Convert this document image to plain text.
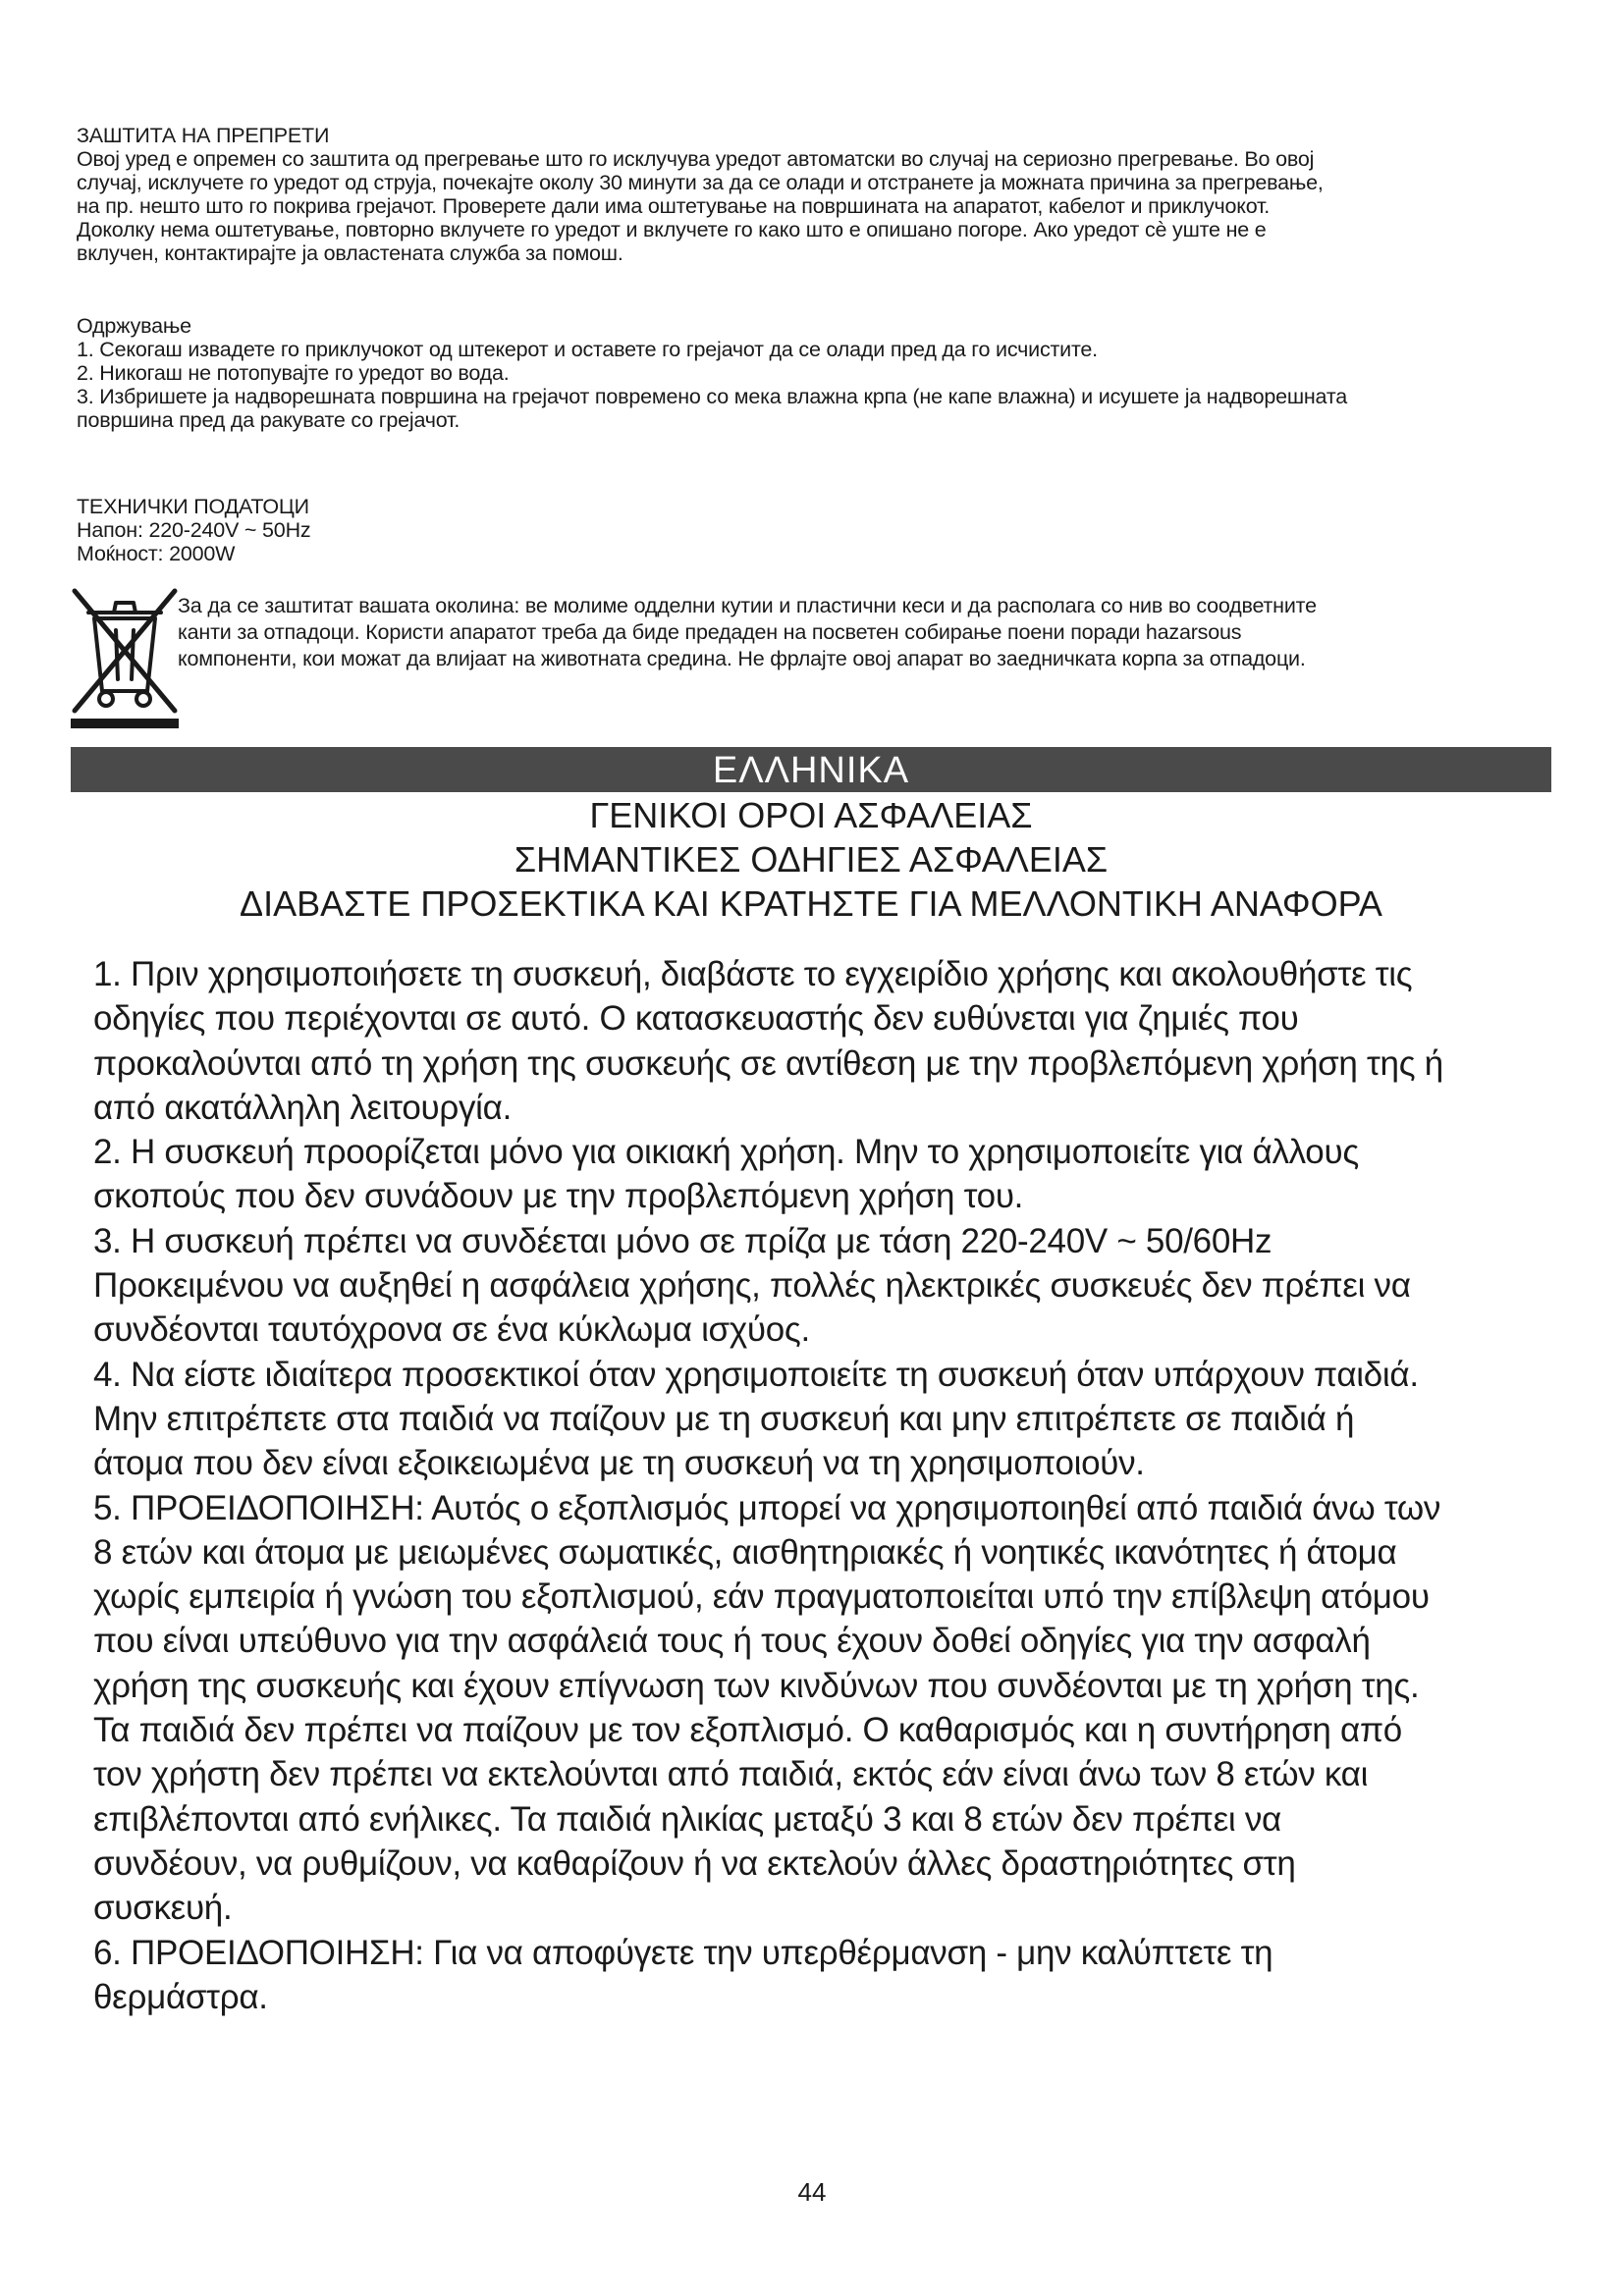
ЗАШТИТА НА ПРЕПРЕТИ

Овој уред е опремен со заштита од прегревање што го исклучува уредот автоматски во случај на сериозно прегревање. Во овој

случај, исклучете го уредот од струја, почекајте околу 30 минути за да се олади и отстранете ја можната причина за прегревање,

на пр. нешто што го покрива грејачот. Проверете дали има оштетување на површината на апаратот, кабелот и приклучокот.

Доколку нема оштетување, повторно вклучете го уредот и вклучете го како што е опишано погоре. Ако уредот сè уште не е

вклучен, контактирајте ја овластената служба за помош.

Одржување

1. Секогаш извадете го приклучокот од штекерот и оставете го грејачот да се олади пред да го исчистите.

2. Никогаш не потопувајте го уредот во вода.

3. Избришете ја надворешната површина на грејачот повремено со мека влажна крпа (не капе влажна) и исушете ја надворешната

површина пред да ракувате со грејачот.

ТЕХНИЧКИ ПОДАТОЦИ

Напон: 220-240V ~ 50Hz

Моќност: 2000W

За да се заштитат вашата околина: ве молиме одделни кутии и пластични кеси и да располага со нив во соодветните

канти за отпадоци. Користи апаратот треба да биде предаден на посветен собирање поени поради hazarsous

компоненти, кои можат да влијаат на животната средина. Не фрлајте овој апарат во заедничката корпа за отпадоци.

ΕΛΛΗΝΙΚΑ
ΓΕΝΙΚΟΙ ΟΡΟΙ ΑΣΦΑΛΕΙΑΣ
ΣΗΜΑΝΤΙΚΕΣ ΟΔΗΓΙΕΣ ΑΣΦΑΛΕΙΑΣ
ΔΙΑΒΑΣΤΕ ΠΡΟΣΕΚΤΙΚΑ ΚΑΙ ΚΡΑΤΗΣΤΕ ΓΙΑ ΜΕΛΛΟΝΤΙΚΗ ΑΝΑΦΟΡΑ

1. Πριν χρησιμοποιήσετε τη συσκευή, διαβάστε το εγχειρίδιο χρήσης και ακολουθήστε τις

οδηγίες που περιέχονται σε αυτό. Ο κατασκευαστής δεν ευθύνεται για ζημιές που

προκαλούνται από τη χρήση της συσκευής σε αντίθεση με την προβλεπόμενη χρήση της ή

από ακατάλληλη λειτουργία.

2. Η συσκευή προορίζεται μόνο για οικιακή χρήση. Μην το χρησιμοποιείτε για άλλους

σκοπούς που δεν συνάδουν με την προβλεπόμενη χρήση του.

3. Η συσκευή πρέπει να συνδέεται μόνο σε πρίζα με τάση 220-240V ~ 50/60Hz

Προκειμένου να αυξηθεί η ασφάλεια χρήσης, πολλές ηλεκτρικές συσκευές δεν πρέπει να

συνδέονται ταυτόχρονα σε ένα κύκλωμα ισχύος.

4. Να είστε ιδιαίτερα προσεκτικοί όταν χρησιμοποιείτε τη συσκευή όταν υπάρχουν παιδιά.

Μην επιτρέπετε στα παιδιά να παίζουν με τη συσκευή και μην επιτρέπετε σε παιδιά ή

άτομα που δεν είναι εξοικειωμένα με τη συσκευή να τη χρησιμοποιούν.

5. ΠΡΟΕΙΔΟΠΟΙΗΣΗ: Αυτός ο εξοπλισμός μπορεί να χρησιμοποιηθεί από παιδιά άνω των

8 ετών και άτομα με μειωμένες σωματικές, αισθητηριακές ή νοητικές ικανότητες ή άτομα

χωρίς εμπειρία ή γνώση του εξοπλισμού, εάν πραγματοποιείται υπό την επίβλεψη ατόμου

που είναι υπεύθυνο για την ασφάλειά τους ή τους έχουν δοθεί οδηγίες για την ασφαλή

χρήση της συσκευής και έχουν επίγνωση των κινδύνων που συνδέονται με τη χρήση της.

Τα παιδιά δεν πρέπει να παίζουν με τον εξοπλισμό. Ο καθαρισμός και η συντήρηση από

τον χρήστη δεν πρέπει να εκτελούνται από παιδιά, εκτός εάν είναι άνω των 8 ετών και

επιβλέπονται από ενήλικες. Τα παιδιά ηλικίας μεταξύ 3 και 8 ετών δεν πρέπει να

συνδέουν, να ρυθμίζουν, να καθαρίζουν ή να εκτελούν άλλες δραστηριότητες στη

συσκευή.

6. ΠΡΟΕΙΔΟΠΟΙΗΣΗ: Για να αποφύγετε την υπερθέρμανση - μην καλύπτετε τη

θερμάστρα.

44
